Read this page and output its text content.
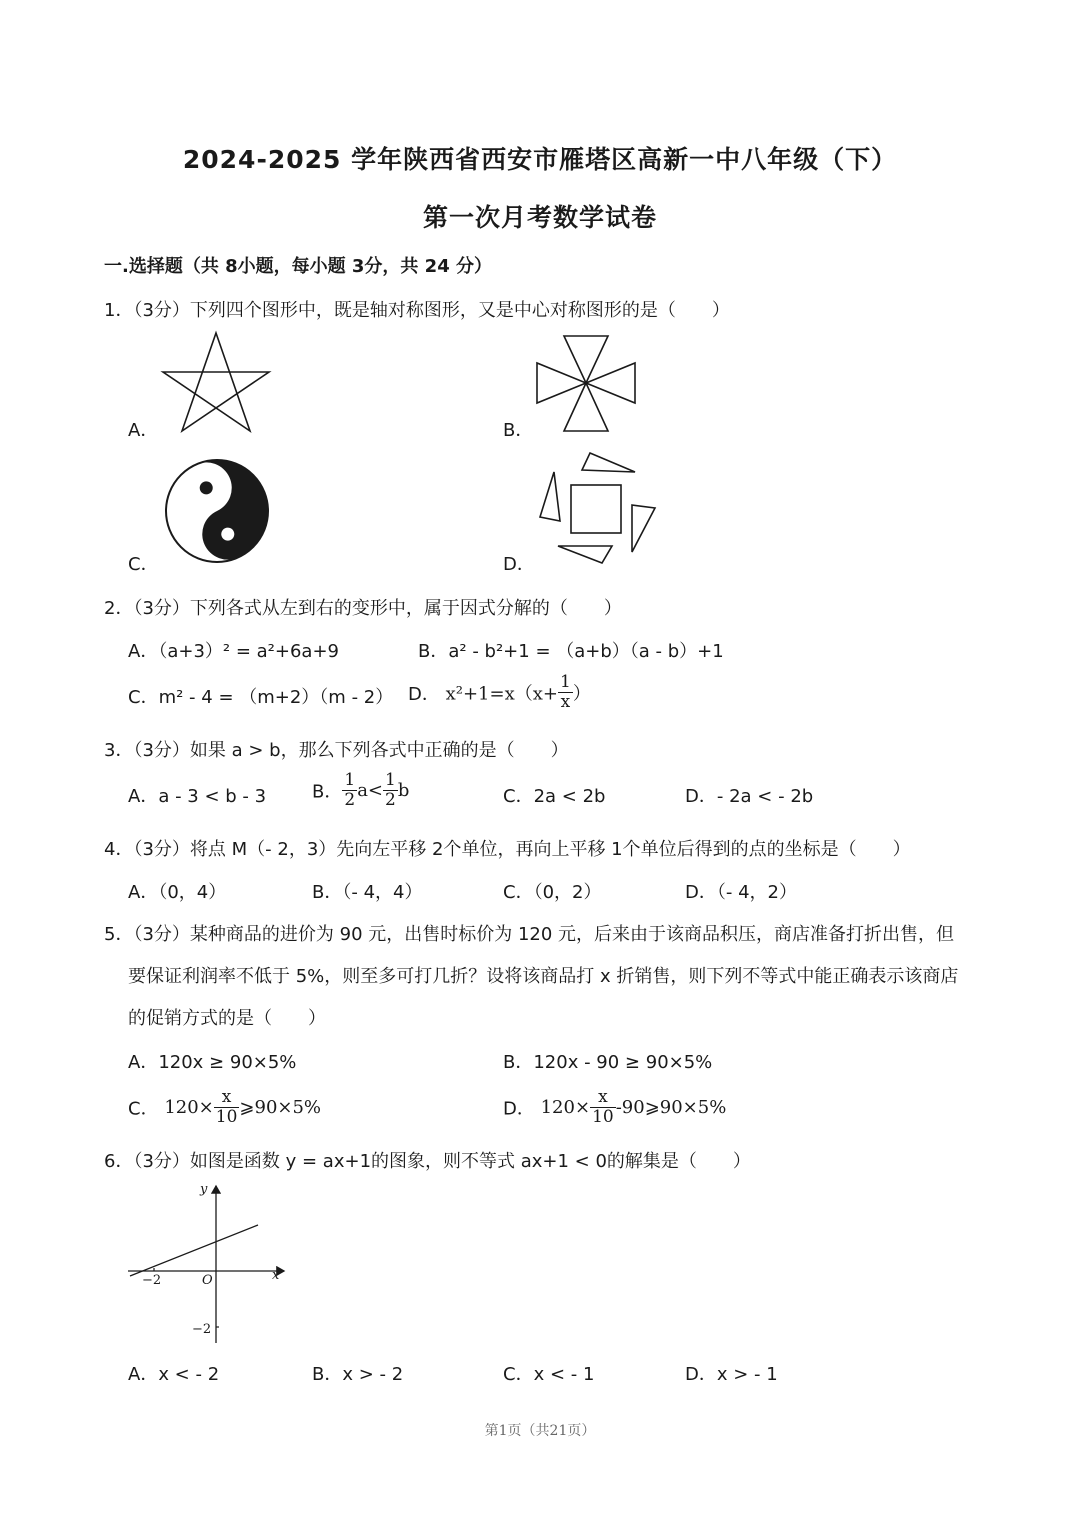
2024-2025 学年陕西省西安市雁塔区高新一中八年级（下）
第一次月考数学试卷
一.选择题（共 8小题，每小题 3分，共 24 分）
1．（3分）下列四个图形中，既是轴对称图形，又是中心对称图形的是（　　）
A．	B．
C．	D．
2．（3分）下列各式从左到右的变形中，属于因式分解的（　　）
A．（a+3）² = a²+6a+9	B．a² - b²+1 = （a+b）（a - b）+1
C．m² - 4 = （m+2）（m - 2） D． $x^2+1=x(x+ \frac{1}{x}$ ）
3．（3分）如果 a > b，那么下列各式中正确的是（　　）
A．a - 3 < b - 3	B． $\frac{1}{2} a< \frac{1}{2}$ b	C．2a < 2b	D．- 2a < - 2b
4．（3分）将点 M（- 2，3）先向左平移 2个单位，再向上平移 1个单位后得到的点的坐标是（　　）
A．（0，4）	B．（- 4，4）	C．（0，2）	D．（- 4，2）
5．（3分）某种商品的进价为 90 元，出售时标价为 120 元，后来由于该商品积压，商店准备打折出售，但
要保证利润率不低于 5%，则至多可打几折？设将该商品打 x 折销售，则下列不等式中能正确表示该商店
的促销方式的是（　　）
A．120x ≥ 90×5%	B．120x - 90 ≥ 90×5%
C． $120\times \frac{x}{10}$ ⩾90×5%	D． $120\times \frac{x}{10}$ -90⩾90×5%
6．（3分）如图是函数 y = ax+1的图象，则不等式 ax+1 < 0的解集是（　　）
y
x
O
−2
−2
A．x < - 2	B．x > - 2	C．x < - 1	D．x > - 1
第1页（共21页）
